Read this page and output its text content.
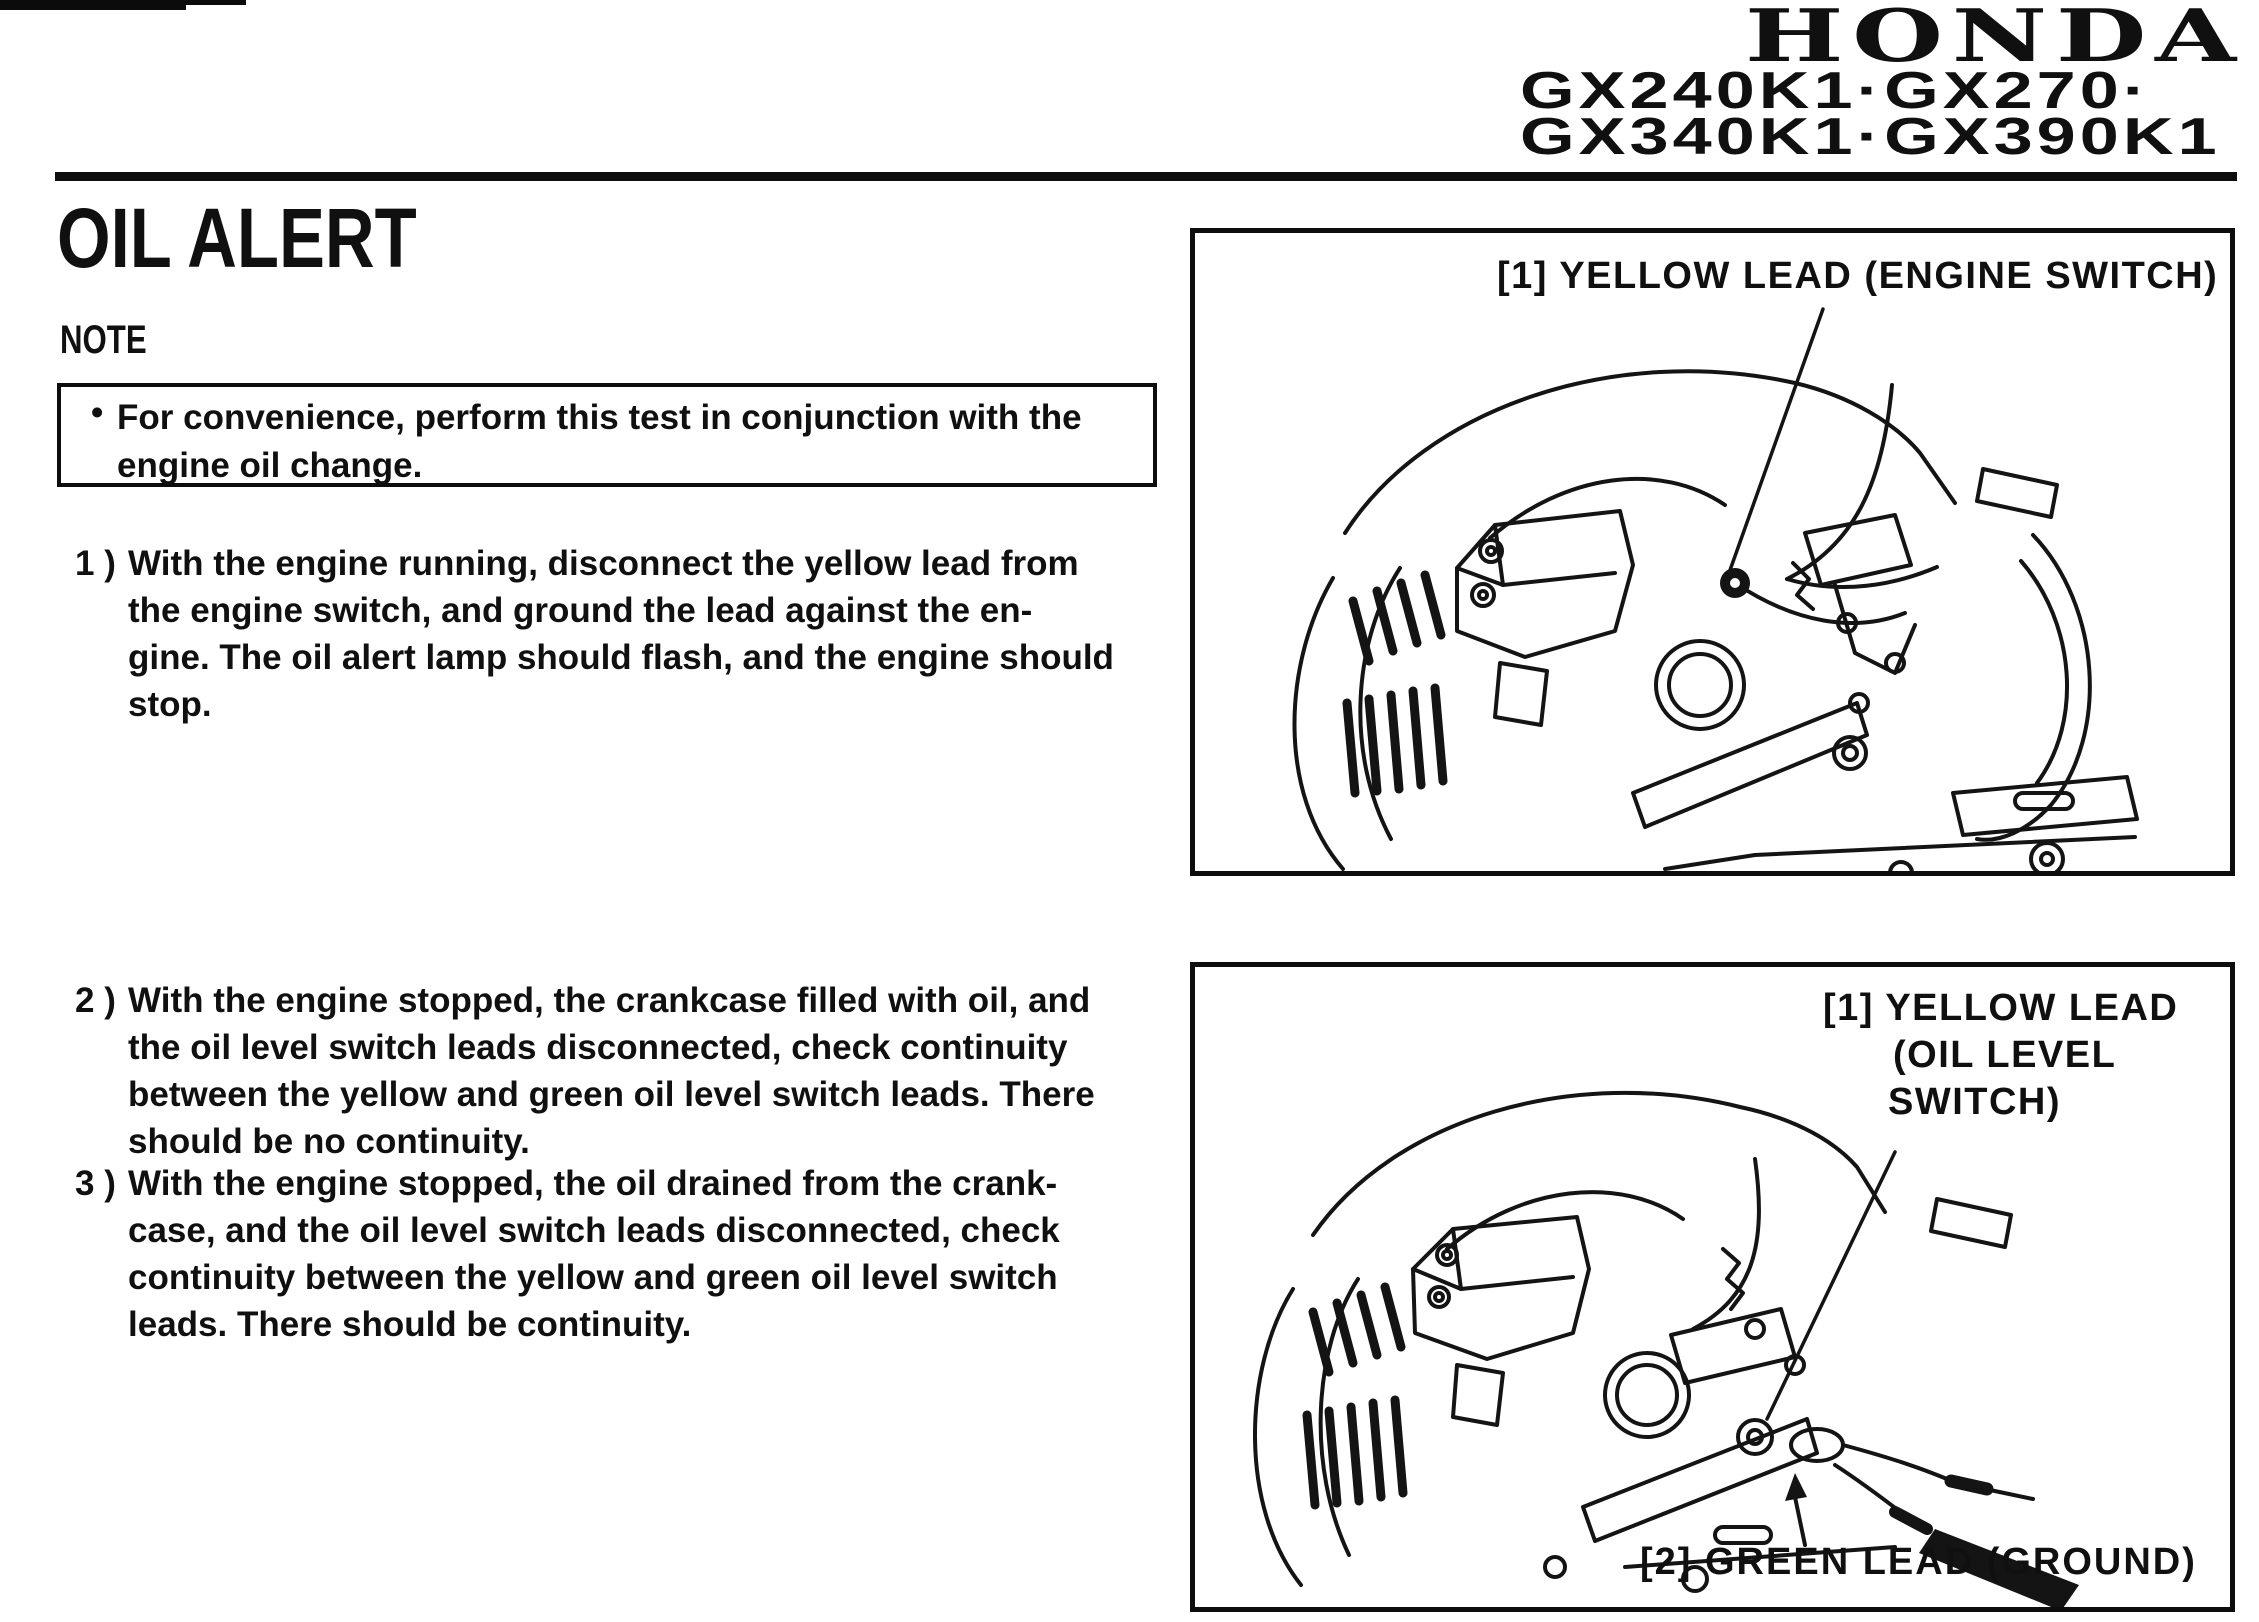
HONDA
GX240K1·GX270·
GX340K1·GX390K1
OIL ALERT
NOTE
• For convenience, perform this test in conjunction with the
engine oil change.
1 ) With the engine running, disconnect the yellow lead from
the engine switch, and ground the lead against the en-
gine. The oil alert lamp should flash, and the engine should
stop.
2 ) With the engine stopped, the crankcase filled with oil, and
the oil level switch leads disconnected, check continuity
between the yellow and green oil level switch leads. There
should be no continuity.
3 ) With the engine stopped, the oil drained from the crank-
case, and the oil level switch leads disconnected, check
continuity between the yellow and green oil level switch
leads. There should be continuity.
[1] YELLOW LEAD (ENGINE SWITCH)
[1] YELLOW LEAD
(OIL LEVEL
SWITCH)
[2] GREEN LEAD (GROUND)
